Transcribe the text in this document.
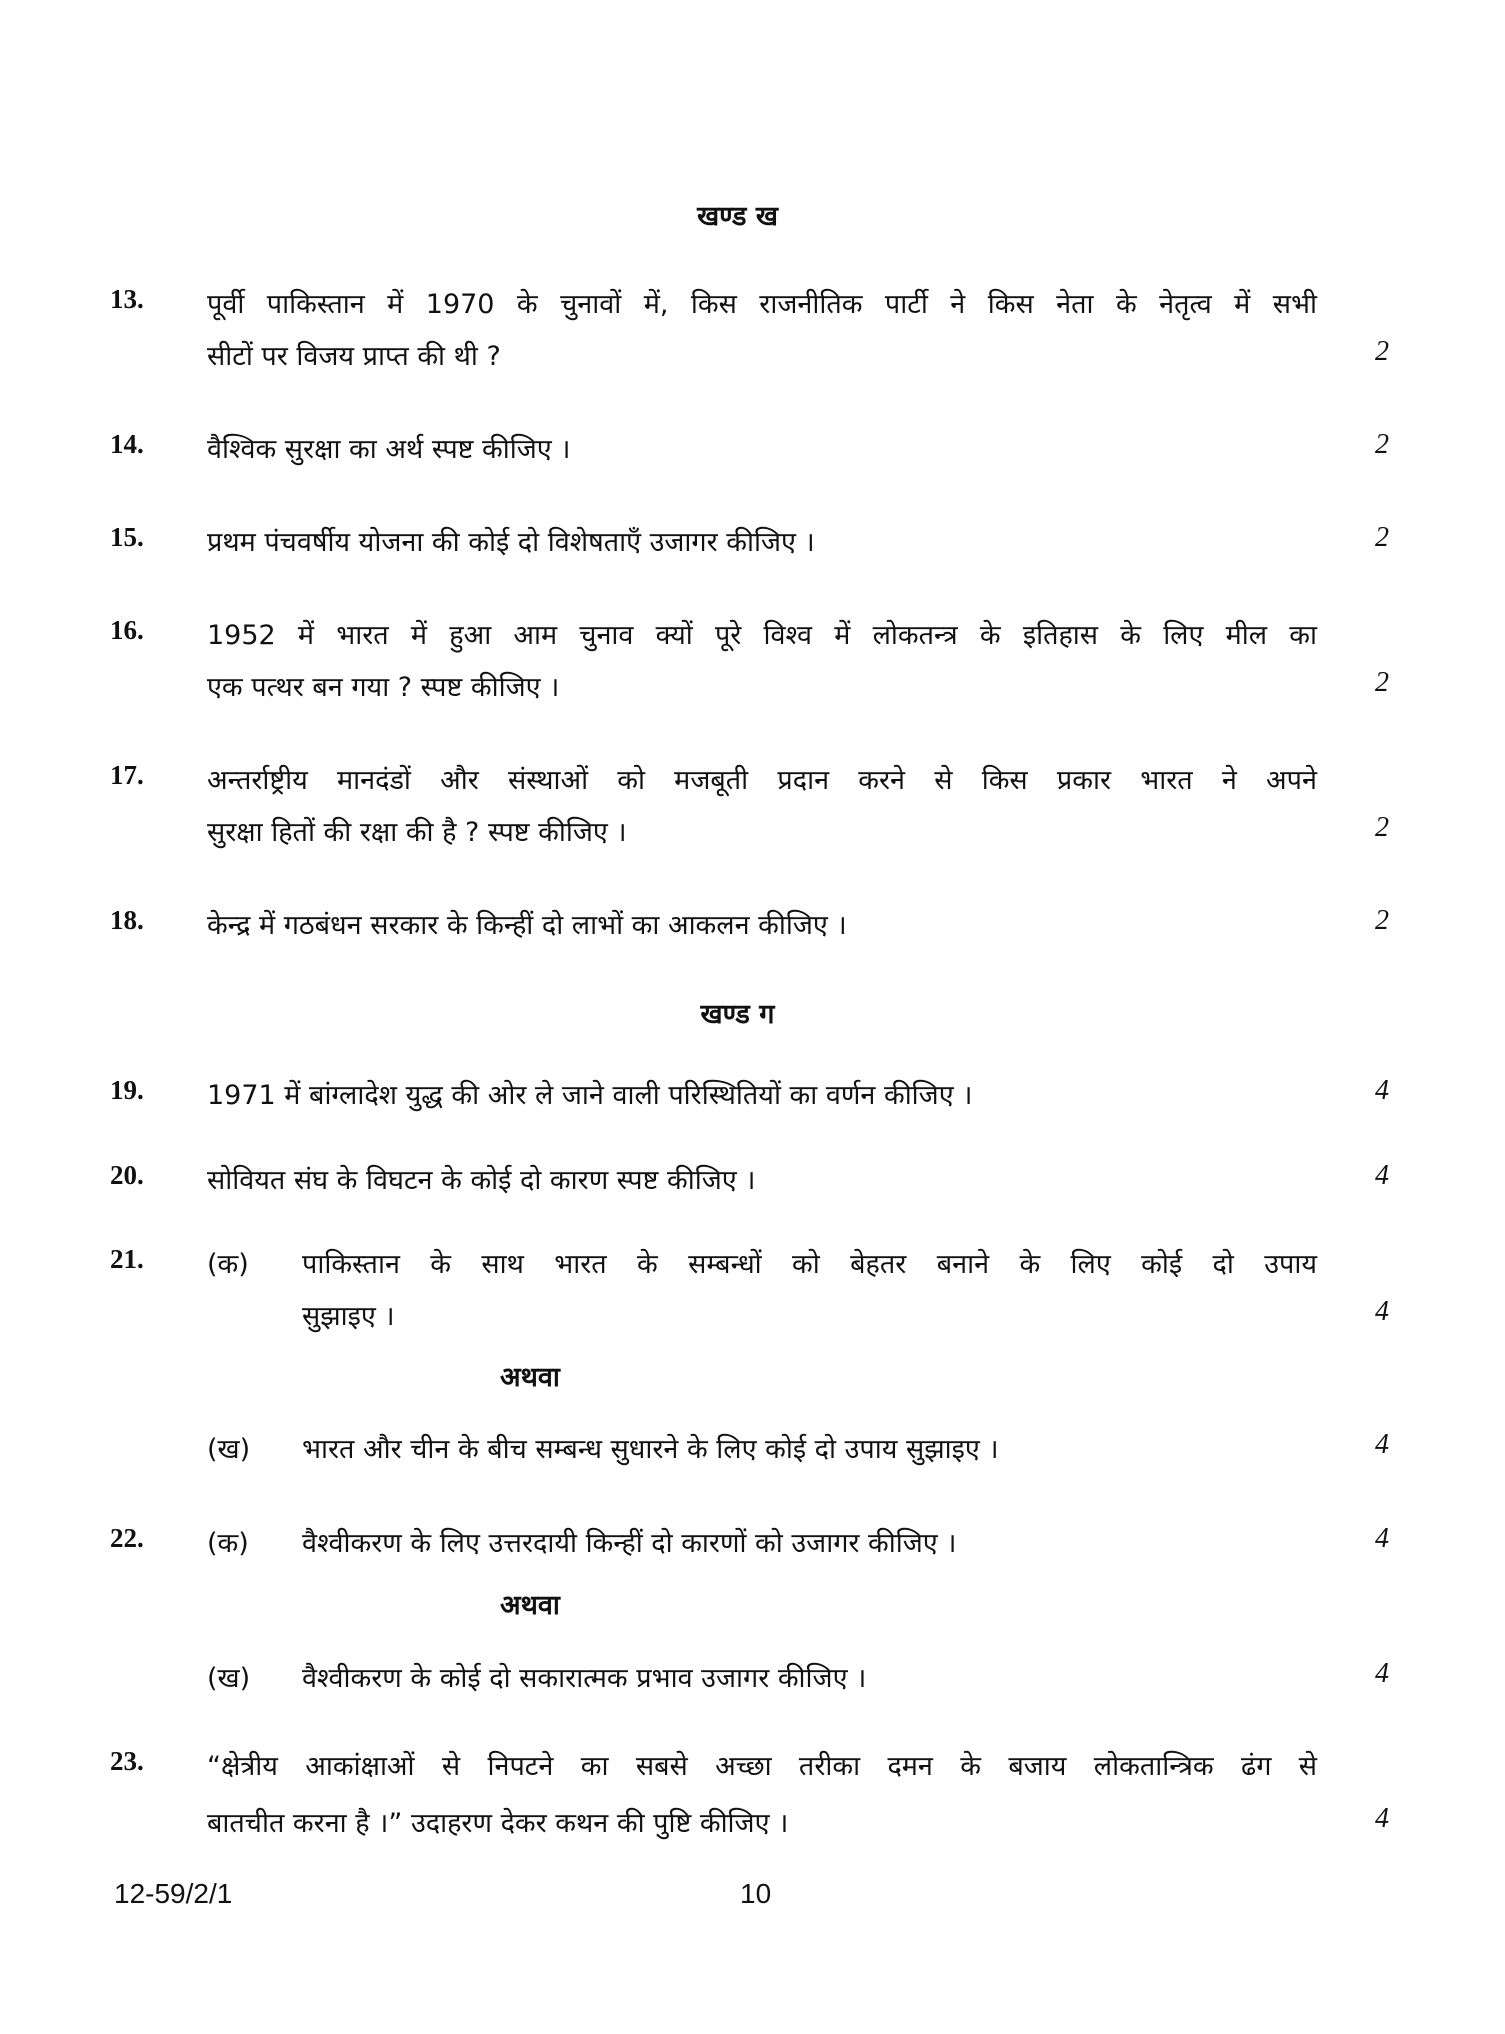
खण्ड ख
13. पूर्वी पाकिस्तान में 1970 के चुनावों में, किस राजनीतिक पार्टी ने किस नेता के नेतृत्व में सभी
सीटों पर विजय प्राप्त की थी ?	2
14. वैश्विक सुरक्षा का अर्थ स्पष्ट कीजिए ।	2
15. प्रथम पंचवर्षीय योजना की कोई दो विशेषताएँ उजागर कीजिए ।	2
16. 1952 में भारत में हुआ आम चुनाव क्यों पूरे विश्व में लोकतन्त्र के इतिहास के लिए मील का
एक पत्थर बन गया ? स्पष्ट कीजिए ।	2
17. अन्तर्राष्ट्रीय मानदंडों और संस्थाओं को मजबूती प्रदान करने से किस प्रकार भारत ने अपने
सुरक्षा हितों की रक्षा की है ? स्पष्ट कीजिए ।	2
18. केन्द्र में गठबंधन सरकार के किन्हीं दो लाभों का आकलन कीजिए ।	2
खण्ड ग
19. 1971 में बांग्लादेश युद्ध की ओर ले जाने वाली परिस्थितियों का वर्णन कीजिए ।	4
20. सोवियत संघ के विघटन के कोई दो कारण स्पष्ट कीजिए ।	4
21. (क) पाकिस्तान के साथ भारत के सम्बन्धों को बेहतर बनाने के लिए कोई दो उपाय
सुझाइए ।	4
अथवा
(ख) भारत और चीन के बीच सम्बन्ध सुधारने के लिए कोई दो उपाय सुझाइए ।	4
22. (क) वैश्वीकरण के लिए उत्तरदायी किन्हीं दो कारणों को उजागर कीजिए ।	4
अथवा
(ख) वैश्वीकरण के कोई दो सकारात्मक प्रभाव उजागर कीजिए ।	4
23. “क्षेत्रीय आकांक्षाओं से निपटने का सबसे अच्छा तरीका दमन के बजाय लोकतान्त्रिक ढंग से
बातचीत करना है ।” उदाहरण देकर कथन की पुष्टि कीजिए ।	4
12-59/2/1	10
